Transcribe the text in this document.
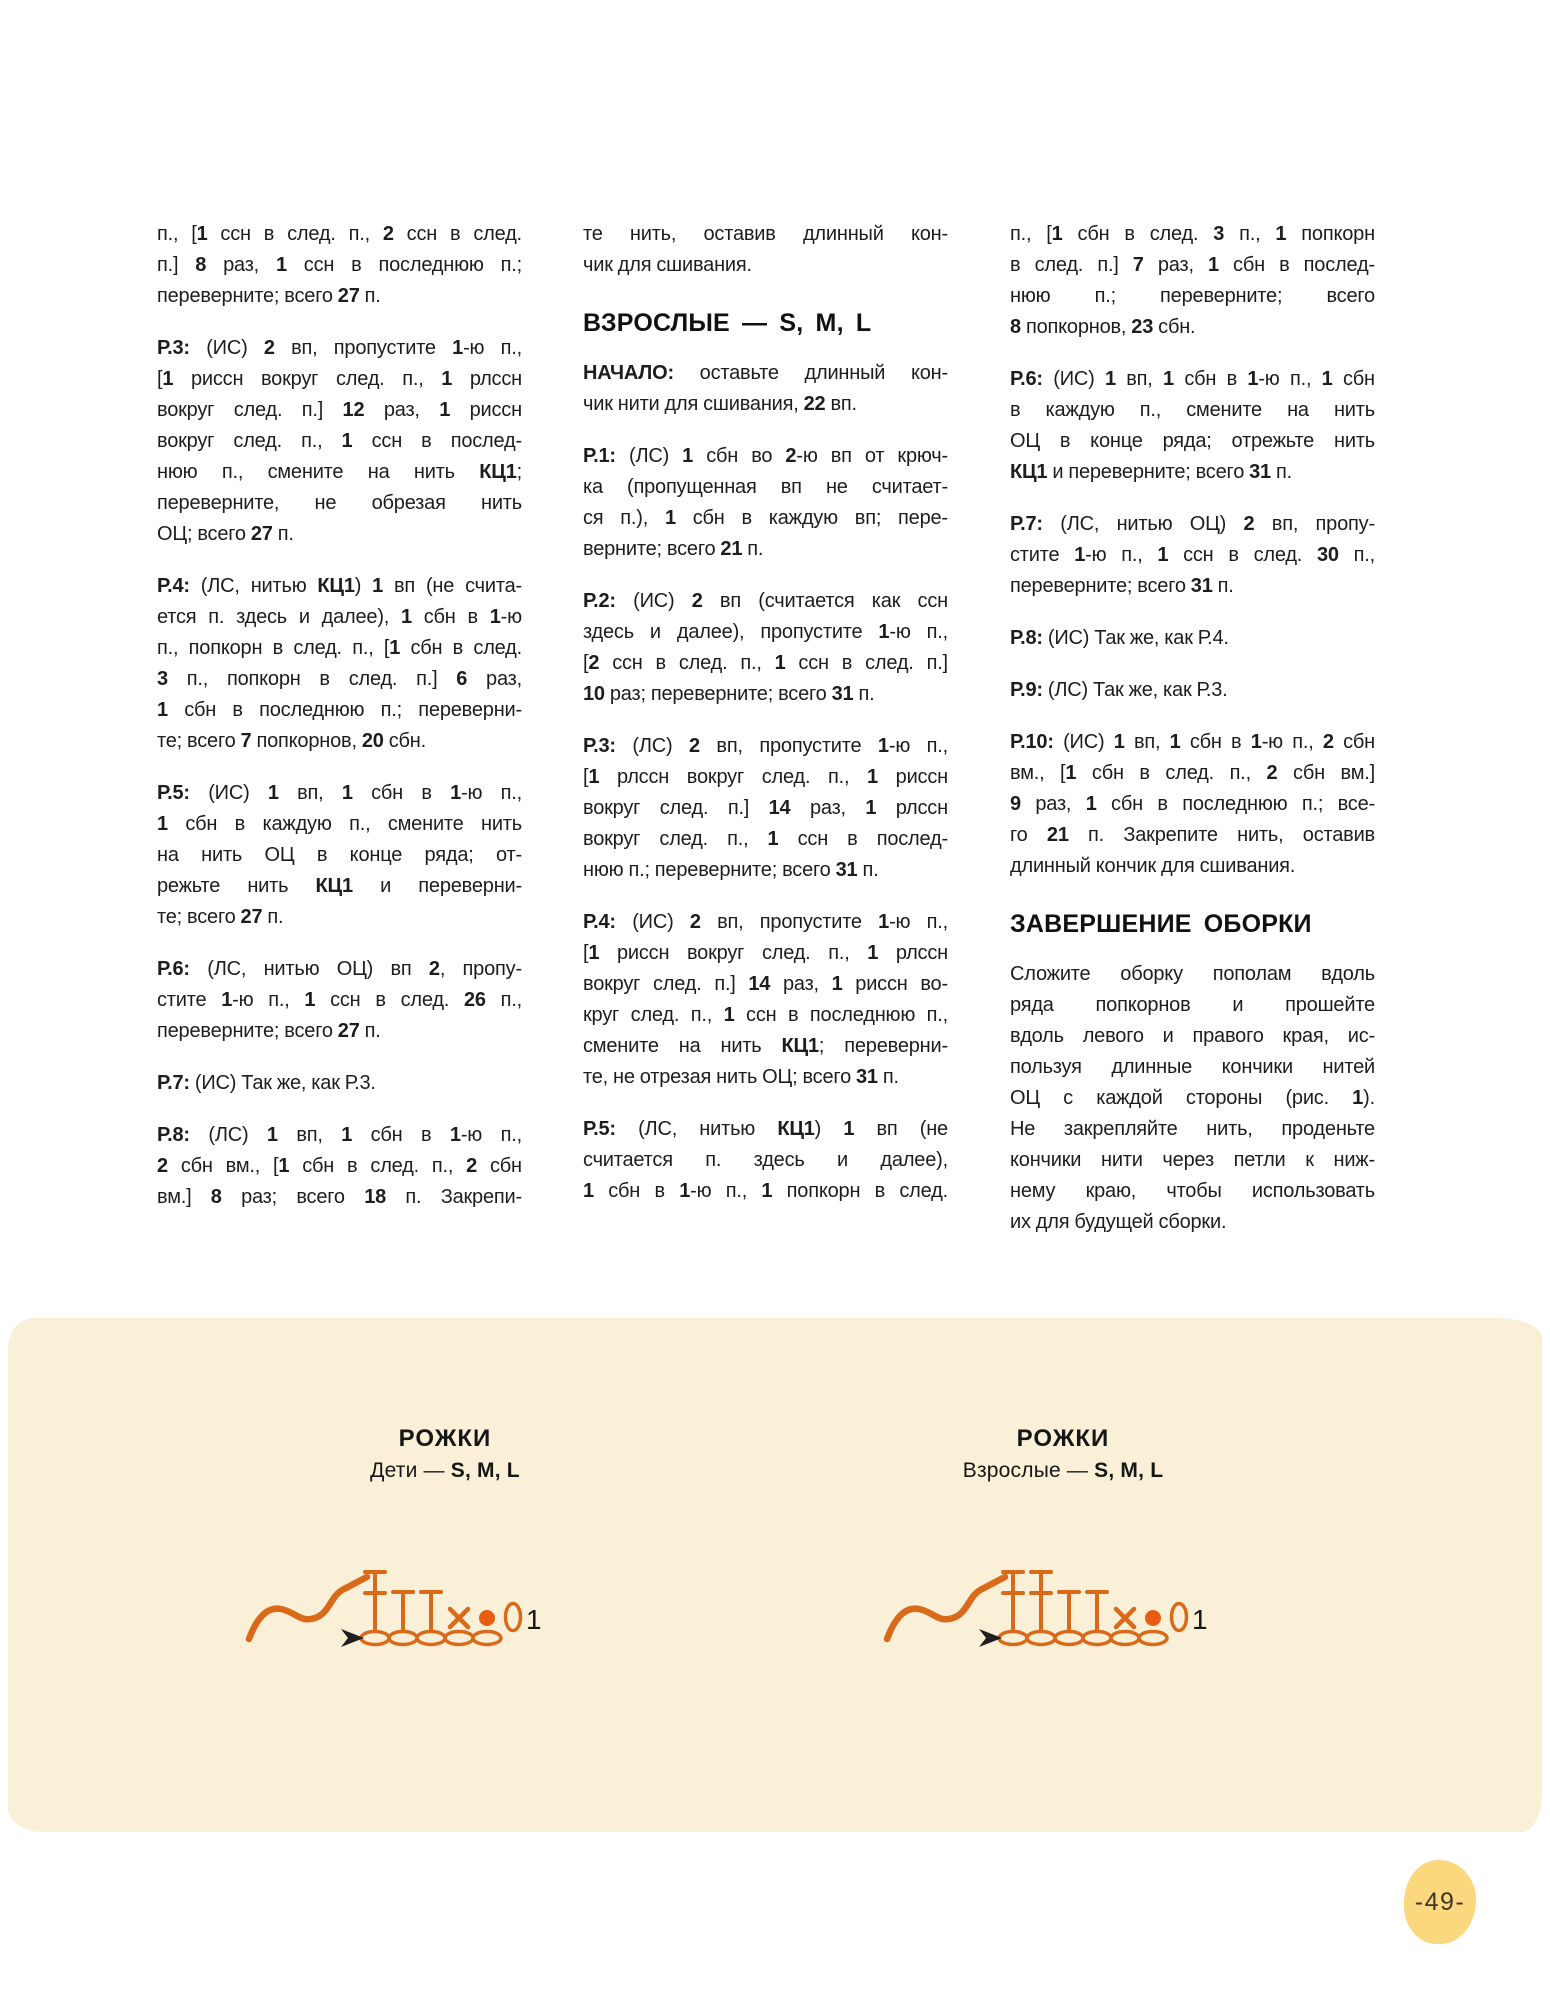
п., [1 ссн в след. п., 2 ссн в след.
п.] 8 раз, 1 ссн в последнюю п.;
переверните; всего 27 п.
Р.3: (ИС) 2 вп, пропустите 1-ю п.,
[1 риссн вокруг след. п., 1 рлссн
вокруг след. п.] 12 раз, 1 риссн
вокруг след. п., 1 ссн в послед-
нюю п., смените на нить КЦ1;
переверните, не обрезая нить
ОЦ; всего 27 п.
Р.4: (ЛС, нитью КЦ1) 1 вп (не счита-
ется п. здесь и далее), 1 сбн в 1-ю
п., попкорн в след. п., [1 сбн в след.
3 п., попкорн в след. п.] 6 раз,
1 сбн в последнюю п.; переверни-
те; всего 7 попкорнов, 20 сбн.
Р.5: (ИС) 1 вп, 1 сбн в 1-ю п.,
1 сбн в каждую п., смените нить
на нить ОЦ в конце ряда; от-
режьте нить КЦ1 и переверни-
те; всего 27 п.
Р.6: (ЛС, нитью ОЦ) вп 2, пропу-
стите 1-ю п., 1 ссн в след. 26 п.,
переверните; всего 27 п.
Р.7: (ИС) Так же, как Р.3.
Р.8: (ЛС) 1 вп, 1 сбн в 1-ю п.,
2 сбн вм., [1 сбн в след. п., 2 сбн
вм.] 8 раз; всего 18 п. Закрепи-
те нить, оставив длинный кон-
чик для сшивания.
ВЗРОСЛЫЕ — S, M, L
НАЧАЛО: оставьте длинный кон-
чик нити для сшивания, 22 вп.
Р.1: (ЛС) 1 сбн во 2-ю вп от крюч-
ка (пропущенная вп не считает-
ся п.), 1 сбн в каждую вп; пере-
верните; всего 21 п.
Р.2: (ИС) 2 вп (считается как ссн
здесь и далее), пропустите 1-ю п.,
[2 ссн в след. п., 1 ссн в след. п.]
10 раз; переверните; всего 31 п.
Р.3: (ЛС) 2 вп, пропустите 1-ю п.,
[1 рлссн вокруг след. п., 1 риссн
вокруг след. п.] 14 раз, 1 рлссн
вокруг след. п., 1 ссн в послед-
нюю п.; переверните; всего 31 п.
Р.4: (ИС) 2 вп, пропустите 1-ю п.,
[1 риссн вокруг след. п., 1 рлссн
вокруг след. п.] 14 раз, 1 риссн во-
круг след. п., 1 ссн в последнюю п.,
смените на нить КЦ1; переверни-
те, не отрезая нить ОЦ; всего 31 п.
Р.5: (ЛС, нитью КЦ1) 1 вп (не
считается п. здесь и далее),
1 сбн в 1-ю п., 1 попкорн в след.
п., [1 сбн в след. 3 п., 1 попкорн
в след. п.] 7 раз, 1 сбн в послед-
нюю п.; переверните; всего
8 попкорнов, 23 сбн.
Р.6: (ИС) 1 вп, 1 сбн в 1-ю п., 1 сбн
в каждую п., смените на нить
ОЦ в конце ряда; отрежьте нить
КЦ1 и переверните; всего 31 п.
Р.7: (ЛС, нитью ОЦ) 2 вп, пропу-
стите 1-ю п., 1 ссн в след. 30 п.,
переверните; всего 31 п.
Р.8: (ИС) Так же, как Р.4.
Р.9: (ЛС) Так же, как Р.3.
Р.10: (ИС) 1 вп, 1 сбн в 1-ю п., 2 сбн
вм., [1 сбн в след. п., 2 сбн вм.]
9 раз, 1 сбн в последнюю п.; все-
го 21 п. Закрепите нить, оставив
длинный кончик для сшивания.
ЗАВЕРШЕНИЕ ОБОРКИ
Сложите оборку пополам вдоль
ряда попкорнов и прошейте
вдоль левого и правого края, ис-
пользуя длинные кончики нитей
ОЦ с каждой стороны (рис. 1).
Не закрепляйте нить, проденьте
кончики нити через петли к ниж-
нему краю, чтобы использовать
их для будущей сборки.
РОЖКИ
Дети — S, M, L
РОЖКИ
Взрослые — S, M, L
1	1
-49-
